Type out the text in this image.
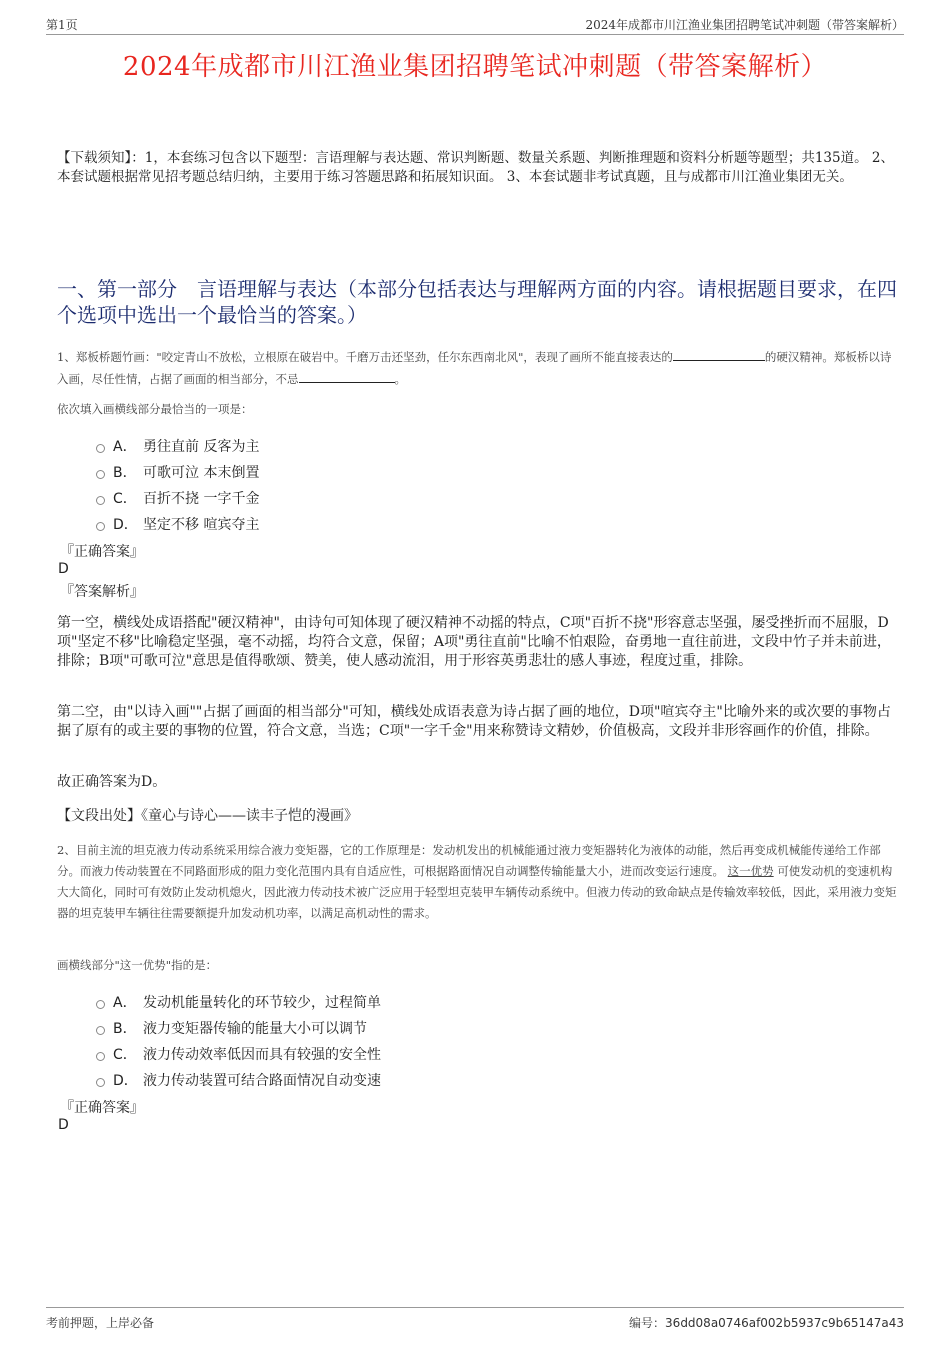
第1页	2024年成都市川江渔业集团招聘笔试冲刺题（带答案解析）
2024年成都市川江渔业集团招聘笔试冲刺题（带答案解析）
【下载须知】：1，本套练习包含以下题型：言语理解与表达题、常识判断题、数量关系题、判断推理题和资料分析题等题型；共135道。 2、本套试题根据常见招考题总结归纳，主要用于练习答题思路和拓展知识面。 3、本套试题非考试真题，且与成都市川江渔业集团无关。
一、第一部分　言语理解与表达（本部分包括表达与理解两方面的内容。请根据题目要求，在四个选项中选出一个最恰当的答案。）
1、郑板桥题竹画："咬定青山不放松，立根原在破岩中。千磨万击还坚劲，任尔东西南北风"，表现了画所不能直接表达的	的硬汉精神。郑板桥以诗入画，尽任性情，占据了画面的相当部分，不忌	。
依次填入画横线部分最恰当的一项是：
A． 勇往直前 反客为主
B． 可歌可泣 本末倒置
C． 百折不挠 一字千金
D． 坚定不移 喧宾夺主
『正确答案』
D
『答案解析』
第一空，横线处成语搭配"硬汉精神"，由诗句可知体现了硬汉精神不动摇的特点，C项"百折不挠"形容意志坚强，屡受挫折而不屈服，D项"坚定不移"比喻稳定坚强，毫不动摇，均符合文意，保留；A项"勇往直前"比喻不怕艰险，奋勇地一直往前进，文段中竹子并未前进，排除；B项"可歌可泣"意思是值得歌颂、赞美，使人感动流泪，用于形容英勇悲壮的感人事迹，程度过重，排除。
第二空，由"以诗入画""占据了画面的相当部分"可知，横线处成语表意为诗占据了画的地位，D项"喧宾夺主"比喻外来的或次要的事物占据了原有的或主要的事物的位置，符合文意，当选；C项"一字千金"用来称赞诗文精妙，价值极高，文段并非形容画作的价值，排除。
故正确答案为D。
【文段出处】《童心与诗心——读丰子恺的漫画》
2、目前主流的坦克液力传动系统采用综合液力变矩器，它的工作原理是：发动机发出的机械能通过液力变矩器转化为液体的动能，然后再变成机械能传递给工作部分。而液力传动装置在不同路面形成的阻力变化范围内具有自适应性，可根据路面情况自动调整传输能量大小，进而改变运行速度。 这一优势 可使发动机的变速机构大大简化，同时可有效防止发动机熄火，因此液力传动技术被广泛应用于轻型坦克装甲车辆传动系统中。但液力传动的致命缺点是传输效率较低，因此，采用液力变矩器的坦克装甲车辆往往需要额提升加发动机功率，以满足高机动性的需求。
画横线部分"这一优势"指的是：
A． 发动机能量转化的环节较少，过程简单
B． 液力变矩器传输的能量大小可以调节
C． 液力传动效率低因而具有较强的安全性
D． 液力传动装置可结合路面情况自动变速
『正确答案』
D
考前押题，上岸必备	编号：36dd08a0746af002b5937c9b65147a43
